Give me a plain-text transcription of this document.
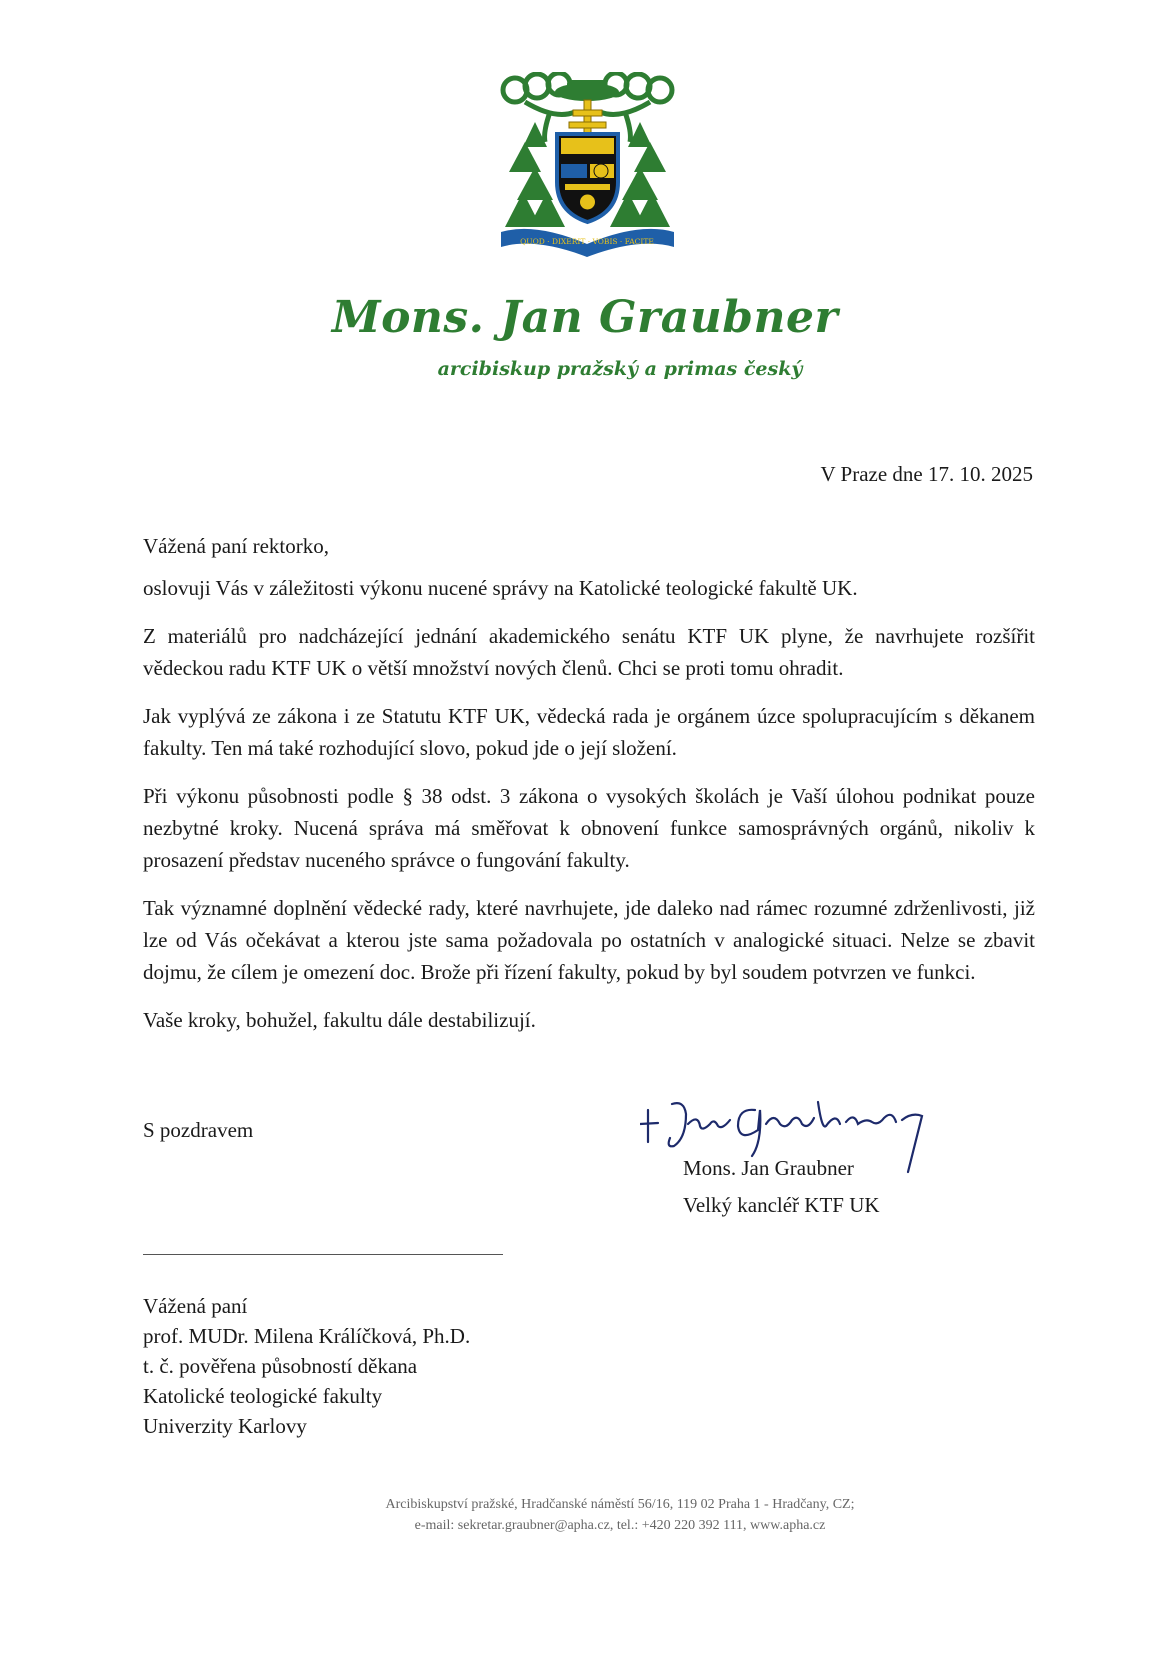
QUOD · DIXERIT · VOBIS · FACITE
Mons. Jan Graubner
arcibiskup pražský a primas český
V Praze dne 17. 10. 2025

Vážená paní rektorko,

oslovuji Vás v záležitosti výkonu nucené správy na Katolické teologické fakultě UK.

Z materiálů pro nadcházející jednání akademického senátu KTF UK plyne, že navrhujete rozšířit vědeckou radu KTF UK o větší množství nových členů. Chci se proti tomu ohradit.

Jak vyplývá ze zákona i ze Statutu KTF UK, vědecká rada je orgánem úzce spolupracujícím s děkanem fakulty. Ten má také rozhodující slovo, pokud jde o její složení.

Při výkonu působnosti podle § 38 odst. 3 zákona o vysokých školách je Vaší úlohou podnikat pouze nezbytné kroky. Nucená správa má směřovat k obnovení funkce samosprávných orgánů, nikoliv k prosazení představ nuceného správce o fungování fakulty.

Tak významné doplnění vědecké rady, které navrhujete, jde daleko nad rámec rozumné zdrženlivosti, již lze od Vás očekávat a kterou jste sama požadovala po ostatních v analogické situaci. Nelze se zbavit dojmu, že cílem je omezení doc. Brože při řízení fakulty, pokud by byl soudem potvrzen ve funkci.

Vaše kroky, bohužel, fakultu dále destabilizují.

S pozdravem
Mons. Jan Graubner
Velký kancléř KTF UK
Vážená paní
prof. MUDr. Milena Králíčková, Ph.D.
t. č. pověřena působností děkana
Katolické teologické fakulty
Univerzity Karlovy
Arcibiskupství pražské, Hradčanské náměstí 56/16, 119 02 Praha 1 - Hradčany, CZ;
e-mail: sekretar.graubner@apha.cz, tel.: +420 220 392 111, www.apha.cz
